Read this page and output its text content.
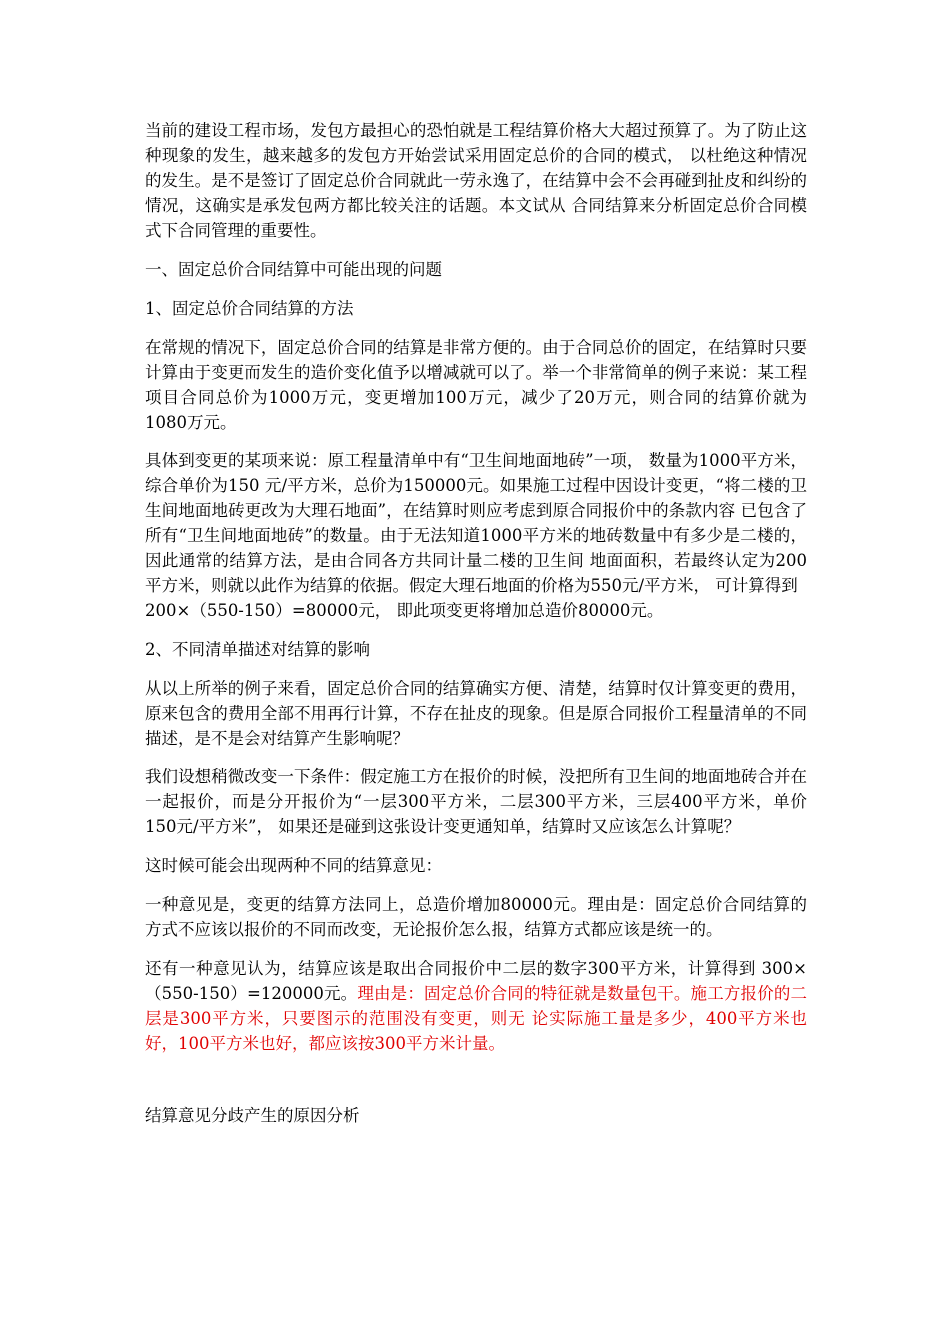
当前的建设工程市场，发包方最担心的恐怕就是工程结算价格大大超过预算了。为了防止这种现象的发生，越来越多的发包方开始尝试采用固定总价的合同的模式， 以杜绝这种情况的发生。是不是签订了固定总价合同就此一劳永逸了，在结算中会不会再碰到扯皮和纠纷的情况，这确实是承发包两方都比较关注的话题。本文试从 合同结算来分析固定总价合同模式下合同管理的重要性。

一、固定总价合同结算中可能出现的问题

1、固定总价合同结算的方法

在常规的情况下，固定总价合同的结算是非常方便的。由于合同总价的固定，在结算时只要计算由于变更而发生的造价变化值予以增减就可以了。举一个非常简单的例子来说：某工程项目合同总价为1000万元，变更增加100万元，减少了20万元，则合同的结算价就为1080万元。

具体到变更的某项来说：原工程量清单中有“卫生间地面地砖”一项， 数量为1000平方米，综合单价为150 元/平方米，总价为150000元。如果施工过程中因设计变更，“将二楼的卫生间地面地砖更改为大理石地面”，在结算时则应考虑到原合同报价中的条款内容 已包含了所有“卫生间地面地砖”的数量。由于无法知道1000平方米的地砖数量中有多少是二楼的，因此通常的结算方法，是由合同各方共同计量二楼的卫生间 地面面积，若最终认定为200平方米，则就以此作为结算的依据。假定大理石地面的价格为550元/平方米， 可计算得到
200×（550-150）=80000元， 即此项变更将增加总造价80000元。

2、不同清单描述对结算的影响

从以上所举的例子来看，固定总价合同的结算确实方便、清楚，结算时仅计算变更的费用，原来包含的费用全部不用再行计算，不存在扯皮的现象。但是原合同报价工程量清单的不同描述，是不是会对结算产生影响呢？

我们设想稍微改变一下条件：假定施工方在报价的时候，没把所有卫生间的地面地砖合并在一起报价，而是分开报价为“一层300平方米，二层300平方米，三层400平方米，单价150元/平方米”， 如果还是碰到这张设计变更通知单，结算时又应该怎么计算呢？

这时候可能会出现两种不同的结算意见：

一种意见是，变更的结算方法同上，总造价增加80000元。理由是：固定总价合同结算的方式不应该以报价的不同而改变，无论报价怎么报，结算方式都应该是统一的。

还有一种意见认为，结算应该是取出合同报价中二层的数字300平方米，计算得到 300×（550-150）=120000元。理由是：固定总价合同的特征就是数量包干。施工方报价的二层是300平方米，只要图示的范围没有变更，则无 论实际施工量是多少，400平方米也好，100平方米也好，都应该按300平方米计量。

结算意见分歧产生的原因分析
